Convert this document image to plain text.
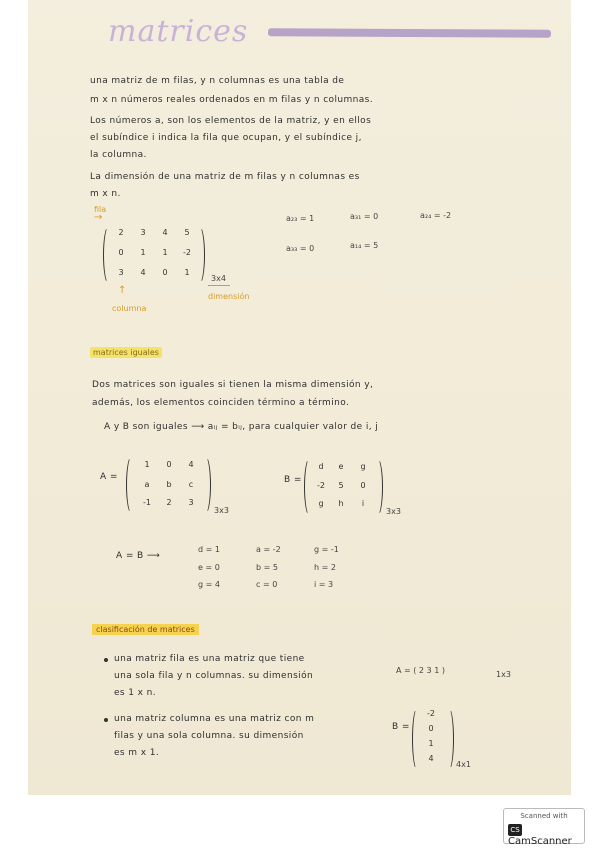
matrices
una matriz de m filas, y n columnas es una tabla de
m x n números reales ordenados en m filas y n columnas.
Los números a, son los elementos de la matriz, y en ellos
el subíndice i indica la fila que ocupan, y el subíndice j,
la columna.
La dimensión de una matriz de m filas y n columnas es
m x n.
fila
→
2	3	4	5
0	1	1	-2
3	4	0	1
3x4
dimensión
↑
columna
a₂₃ = 1	a₃₁ = 0	a₂₄ = -2
a₃₃ = 0	a₁₄ = 5
matrices iguales
Dos matrices son iguales si tienen la misma dimensión y,
además, los elementos coinciden término a término.
A y B son iguales ⟶ aᵢⱼ = bᵢⱼ, para cualquier valor de i, j
A =
1	0	4
a	b	c
-1	2	3
3x3
B =
d	e	g
-2	5	0
g	h	i
3x3
A = B ⟶
d = 1	a = -2	g = -1
e = 0	b = 5	h = 2
g = 4	c = 0	i = 3
clasificación de matrices
una matriz fila es una matriz que tiene
una sola fila y n columnas. su dimensión
es 1 x n.
A = ( 2 3 1 )	1x3
una matriz columna es una matriz con m
filas y una sola columna. su dimensión
es m x 1.
B =
-2
0
1
4
4x1
Scanned with
CSCamScanner
